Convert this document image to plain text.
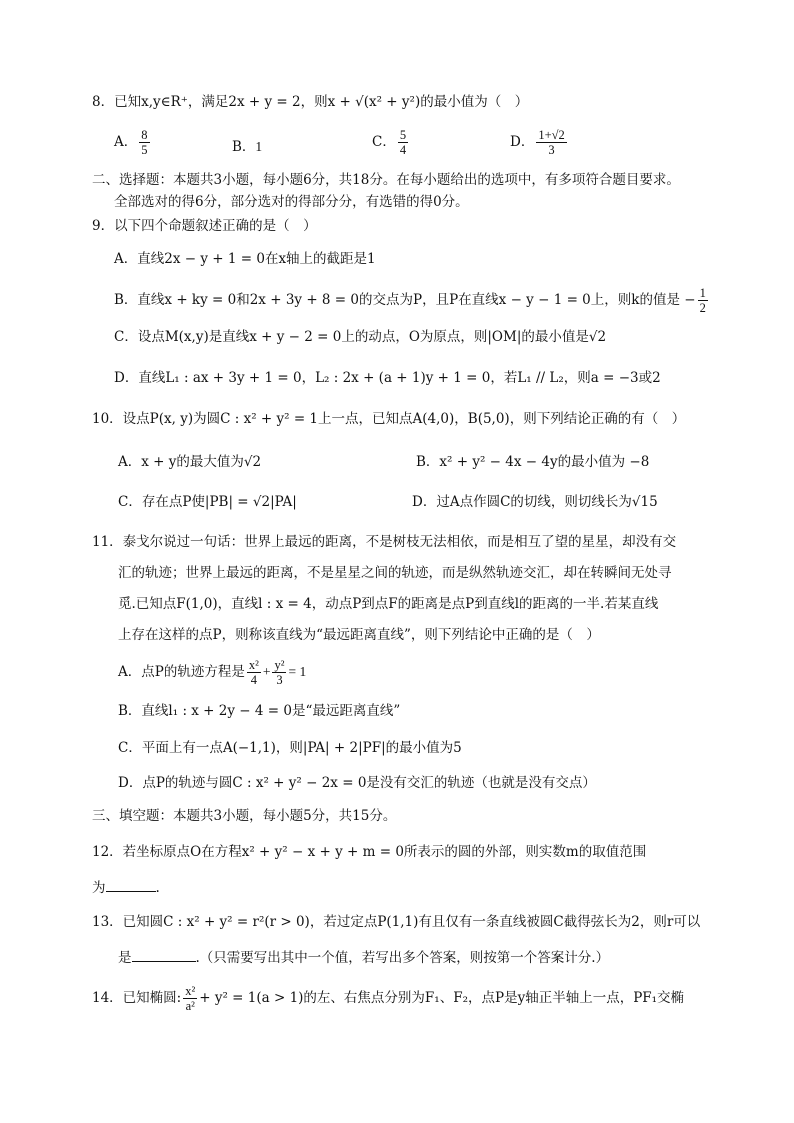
8．已知x,y∈R⁺，满足2x + y = 2，则x + √(x² + y²)的最小值为（　）
A． $\frac{8}{5}$	B．1	C． $\frac{5}{4}$	D． $\frac{1+√2}{3}$
二、选择题：本题共3小题，每小题6分，共18分。在每小题给出的选项中，有多项符合题目要求。
全部选对的得6分，部分选对的得部分分，有选错的得0分。
9．以下四个命题叙述正确的是（　）
A．直线2x − y + 1 = 0在x轴上的截距是1
B．直线x + ky = 0和2x + 3y + 8 = 0的交点为P，且P在直线x − y − 1 = 0上，则k的值是 − $\frac{1}{2}$
C．设点M(x,y)是直线x + y − 2 = 0上的动点，O为原点，则|OM|的最小值是√2
D．直线L₁ : ax + 3y + 1 = 0，L₂ : 2x + (a + 1)y + 1 = 0，若L₁ // L₂，则a = −3或2
10．设点P(x, y)为圆C : x² + y² = 1上一点，已知点A(4,0)，B(5,0)，则下列结论正确的有（　）
A．x + y的最大值为√2	B．x² + y² − 4x − 4y的最小值为 −8
C．存在点P使|PB| = √2|PA|	D．过A点作圆C的切线，则切线长为√15
11．泰戈尔说过一句话：世界上最远的距离，不是树枝无法相依，而是相互了望的星星，却没有交
汇的轨迹；世界上最远的距离，不是星星之间的轨迹，而是纵然轨迹交汇，却在转瞬间无处寻
觅.已知点F(1,0)，直线l : x = 4，动点P到点F的距离是点P到直线l的距离的一半.若某直线
上存在这样的点P，则称该直线为“最远距离直线”，则下列结论中正确的是（　）
A．点P的轨迹方程是 $\frac{\text{x²}}{4} + \frac{\text{y²}}{3} = 1$
B．直线l₁ : x + 2y − 4 = 0是“最远距离直线”
C．平面上有一点A(−1,1)，则|PA| + 2|PF|的最小值为5
D．点P的轨迹与圆C : x² + y² − 2x = 0是没有交汇的轨迹（也就是没有交点）
三、填空题：本题共3小题，每小题5分，共15分。
12．若坐标原点O在方程x² + y² − x + y + m = 0所表示的圆的外部，则实数m的取值范围
为	.
13．已知圆C : x² + y² = r²(r > 0)，若过定点P(1,1)有且仅有一条直线被圆C截得弦长为2，则r可以
是	.（只需要写出其中一个值，若写出多个答案，则按第一个答案计分.）
14．已知椭圆: $\frac{\text{x²}}{\text{a²}} + y^2 = 1(a > 1)$的左、右焦点分别为F₁、F₂，点P是y轴正半轴上一点，PF₁交椭
